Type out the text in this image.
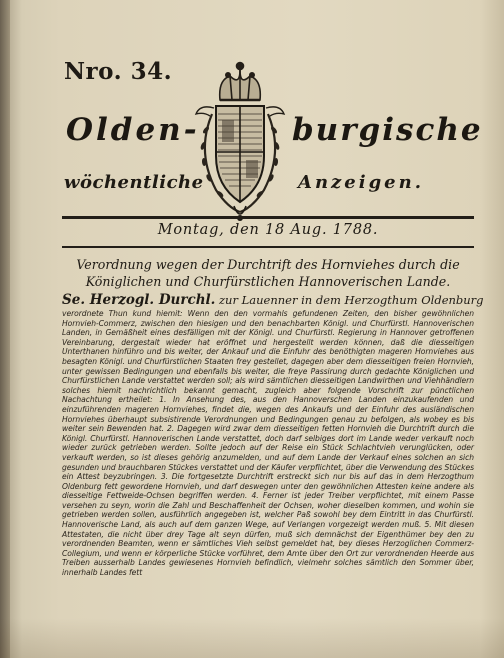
Nro. 34.
Olden-	burgische
wöchentliche	Anzeigen.
Montag, den 18 Aug. 1788.
Verordnung wegen der Durchtrift des Hornviehes durch die Königlichen und Churfürstlichen Hannoverischen Lande.
Se. Herzogl. Durchl. zur Lauenner in dem Herzogthum Oldenburg

verordnete Thun kund hiemit: Wenn den den vormahls gefundenen Zeiten, den bisher gewöhnlichen Hornvieh-Commerz, zwischen den hiesigen und den benachbarten Königl. und Churfürstl. Hannoverischen Landen, in Gemäßheit eines desfälligen mit der Königl. und Churfürstl. Regierung in Hannover getroffenen Vereinbarung, dergestalt wieder hat eröffnet und hergestellt werden können, daß die diesseitigen Unterthanen hinführo und bis weiter, der Ankauf und die Einfuhr des benöthigten mageren Hornviehes aus besagten Königl. und Churfürstlichen Staaten frey gestellet, dagegen aber dem diesseitigen freien Hornvieh, unter gewissen Bedingungen und ebenfalls bis weiter, die freye Passirung durch gedachte Königlichen und Churfürstlichen Lande verstattet werden soll; als wird sämtlichen diesseitigen Landwirthen und Viehhändlern solches hiemit nachrichtlich bekannt gemacht, zugleich aber folgende Vorschrift zur pünctlichen Nachachtung ertheilet: 1. In Ansehung des, aus den Hannoverschen Landen einzukaufenden und einzuführenden mageren Hornviehes, findet die, wegen des Ankaufs und der Einfuhr des ausländischen Hornviehes überhaupt subsistirende Verordnungen und Bedingungen genau zu befolgen, als wobey es bis weiter sein Bewenden hat. 2. Dagegen wird zwar dem diesseitigen fetten Hornvieh die Durchtrift durch die Königl. Churfürstl. Hannoverischen Lande verstattet, doch darf selbiges dort im Lande weder verkauft noch wieder zurück getrieben werden. Sollte jedoch auf der Reise ein Stück Schlachtvieh verunglücken, oder verkauft werden, so ist dieses gehörig anzumelden, und auf dem Lande der Verkauf eines solchen an sich gesunden und brauchbaren Stückes verstattet und der Käufer verpflichtet, über die Verwendung des Stückes ein Attest beyzubringen. 3. Die fortgesetzte Durchtrift erstreckt sich nur bis auf das in dem Herzogthum Oldenburg fett gewordene Hornvieh, und darf deswegen unter den gewöhnlichen Attesten keine andere als diesseitige Fettweide-Ochsen begriffen werden. 4. Ferner ist jeder Treiber verpflichtet, mit einem Passe versehen zu seyn, worin die Zahl und Beschaffenheit der Ochsen, woher dieselben kommen, und wohin sie getrieben werden sollen, ausführlich angegeben ist, welcher Paß sowohl bey dem Eintritt in das Churfürstl. Hannoverische Land, als auch auf dem ganzen Wege, auf Verlangen vorgezeigt werden muß. 5. Mit diesen Attestaten, die nicht über drey Tage alt seyn dürfen, muß sich demnächst der Eigenthümer bey den zu verordnenden Beamten, wenn er sämtliches Vieh selbst gemeldet hat, bey dieses Herzoglichen Commerz-Collegium, und wenn er körperliche Stücke vorführet, dem Amte über den Ort zur verordnenden Heerde aus Treiben ausserhalb Landes gewiesenes Hornvieh befindlich, vielmehr solches sämtlich den Sommer über, innerhalb Landes fett
